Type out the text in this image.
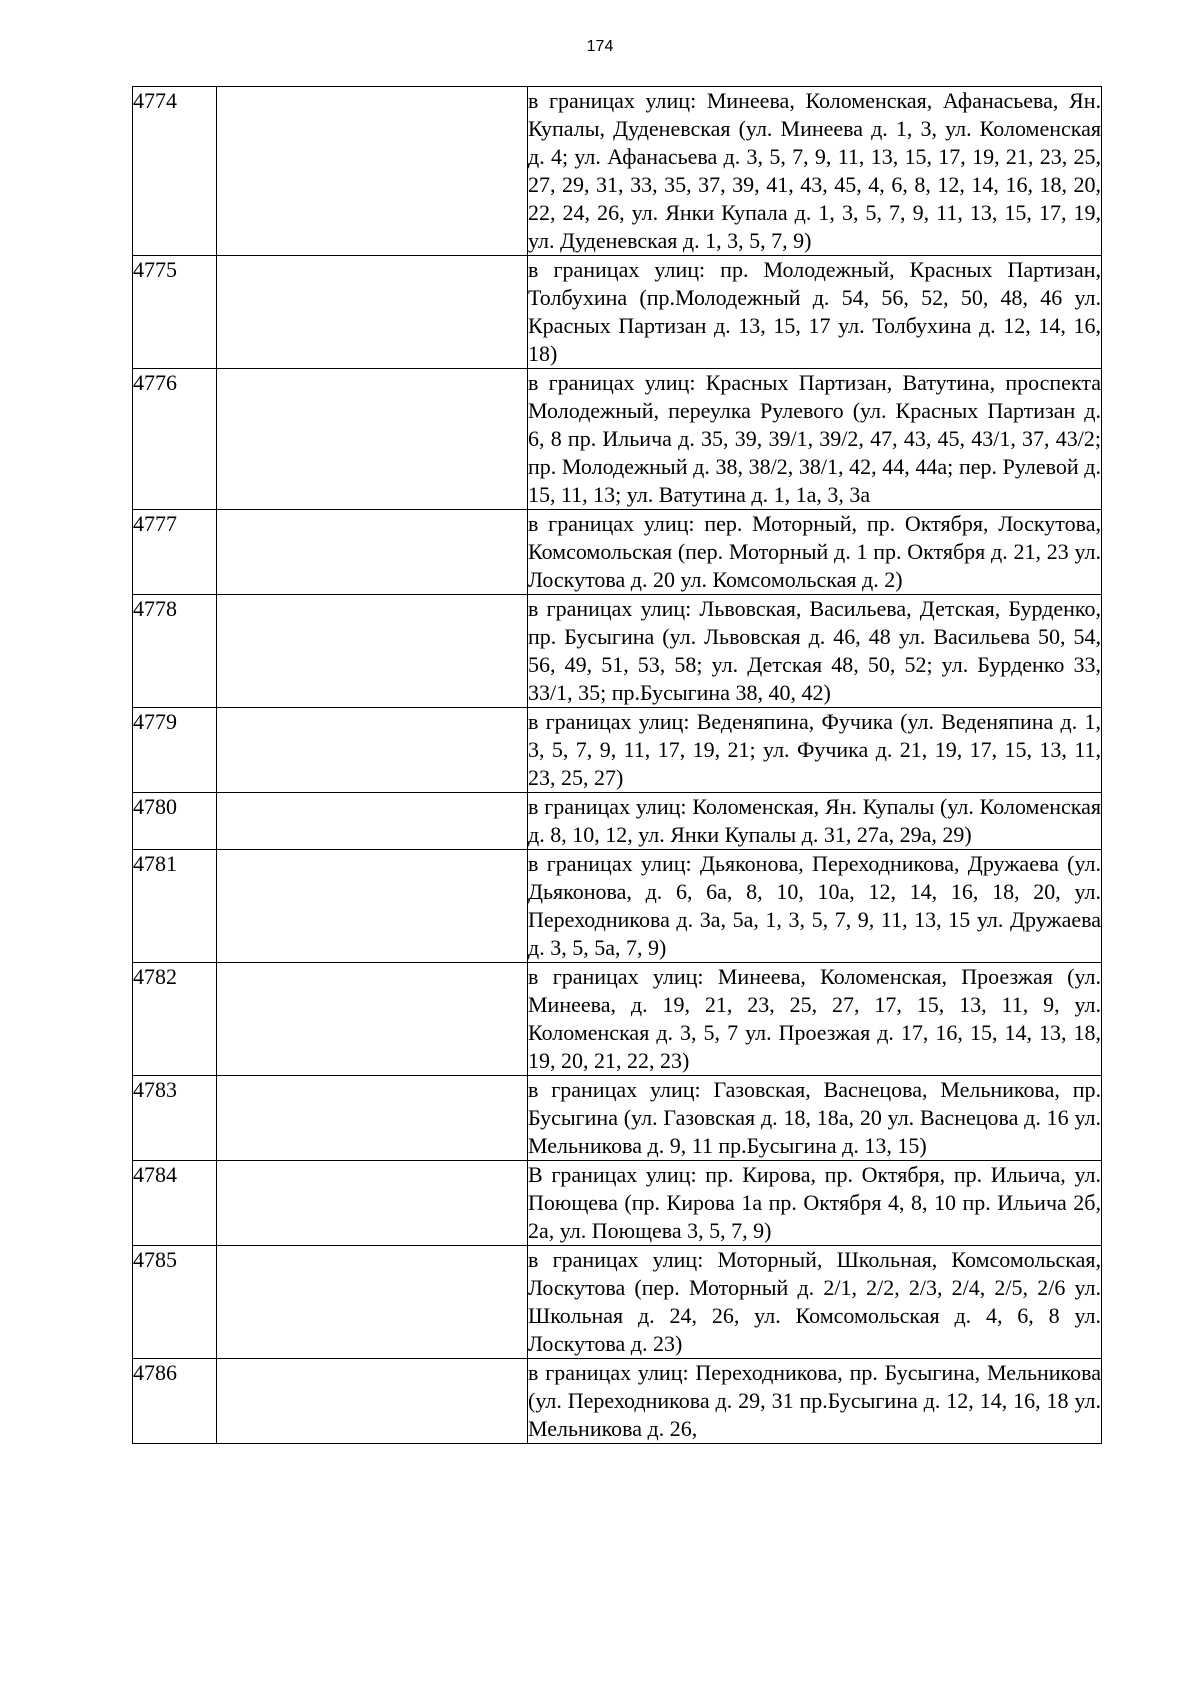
174
4774		в границах улиц: Минеева, Коломенская, Афанасьева, Ян. Купалы, Дуденевская (ул. Минеева д. 1, 3, ул. Коломенская д. 4; ул. Афанасьева д. 3, 5, 7, 9, 11, 13, 15, 17, 19, 21, 23, 25, 27, 29, 31, 33, 35, 37, 39, 41, 43, 45, 4, 6, 8, 12, 14, 16, 18, 20, 22, 24, 26, ул. Янки Купала д. 1, 3, 5, 7, 9, 11, 13, 15, 17, 19, ул. Дуденевская д. 1, 3, 5, 7, 9)
4775		в границах улиц: пр. Молодежный, Красных Партизан, Толбухина (пр.Молодежный д. 54, 56, 52, 50, 48, 46 ул. Красных Партизан д. 13, 15, 17 ул. Толбухина д. 12, 14, 16, 18)
4776		в границах улиц: Красных Партизан, Ватутина, проспекта Молодежный, переулка Рулевого (ул. Красных Партизан д. 6, 8 пр. Ильича д. 35, 39, 39/1, 39/2, 47, 43, 45, 43/1, 37, 43/2; пр. Молодежный д. 38, 38/2, 38/1, 42, 44, 44а; пер. Рулевой д. 15, 11, 13; ул. Ватутина д. 1, 1а, 3, 3а
4777		в границах улиц: пер. Моторный, пр. Октября, Лоскутова, Комсомольская (пер. Моторный д. 1 пр. Октября д. 21, 23 ул. Лоскутова д. 20 ул. Комсомольская д. 2)
4778		в границах улиц: Львовская, Васильева, Детская, Бурденко, пр. Бусыгина (ул. Львовская д. 46, 48 ул. Васильева 50, 54, 56, 49, 51, 53, 58; ул. Детская 48, 50, 52; ул. Бурденко 33, 33/1, 35; пр.Бусыгина 38, 40, 42)
4779		в границах улиц: Веденяпина, Фучика (ул. Веденяпина д. 1, 3, 5, 7, 9, 11, 17, 19, 21; ул. Фучика д. 21, 19, 17, 15, 13, 11, 23, 25, 27)
4780		в границах улиц: Коломенская, Ян. Купалы (ул. Коломенская д. 8, 10, 12, ул. Янки Купалы д. 31, 27а, 29а, 29)
4781		в границах улиц: Дьяконова, Переходникова, Дружаева (ул. Дьяконова, д. 6, 6а, 8, 10, 10а, 12, 14, 16, 18, 20, ул. Переходникова д. 3а, 5а, 1, 3, 5, 7, 9, 11, 13, 15 ул. Дружаева д. 3, 5, 5а, 7, 9)
4782		в границах улиц: Минеева, Коломенская, Проезжая (ул. Минеева, д. 19, 21, 23, 25, 27, 17, 15, 13, 11, 9, ул. Коломенская д. 3, 5, 7 ул. Проезжая д. 17, 16, 15, 14, 13, 18, 19, 20, 21, 22, 23)
4783		в границах улиц: Газовская, Васнецова, Мельникова, пр. Бусыгина (ул. Газовская д. 18, 18а, 20 ул. Васнецова д. 16 ул. Мельникова д. 9, 11 пр.Бусыгина д. 13, 15)
4784		В границах улиц: пр. Кирова, пр. Октября, пр. Ильича, ул. Поющева (пр. Кирова 1а пр. Октября 4, 8, 10 пр. Ильича 2б, 2а, ул. Поющева 3, 5, 7, 9)
4785		в границах улиц: Моторный, Школьная, Комсомольская, Лоскутова (пер. Моторный д. 2/1, 2/2, 2/3, 2/4, 2/5, 2/6 ул. Школьная д. 24, 26, ул. Комсомольская д. 4, 6, 8 ул. Лоскутова д. 23)
4786		в границах улиц: Переходникова, пр. Бусыгина, Мельникова (ул. Переходникова д. 29, 31 пр.Бусыгина д. 12, 14, 16, 18 ул. Мельникова д. 26,
